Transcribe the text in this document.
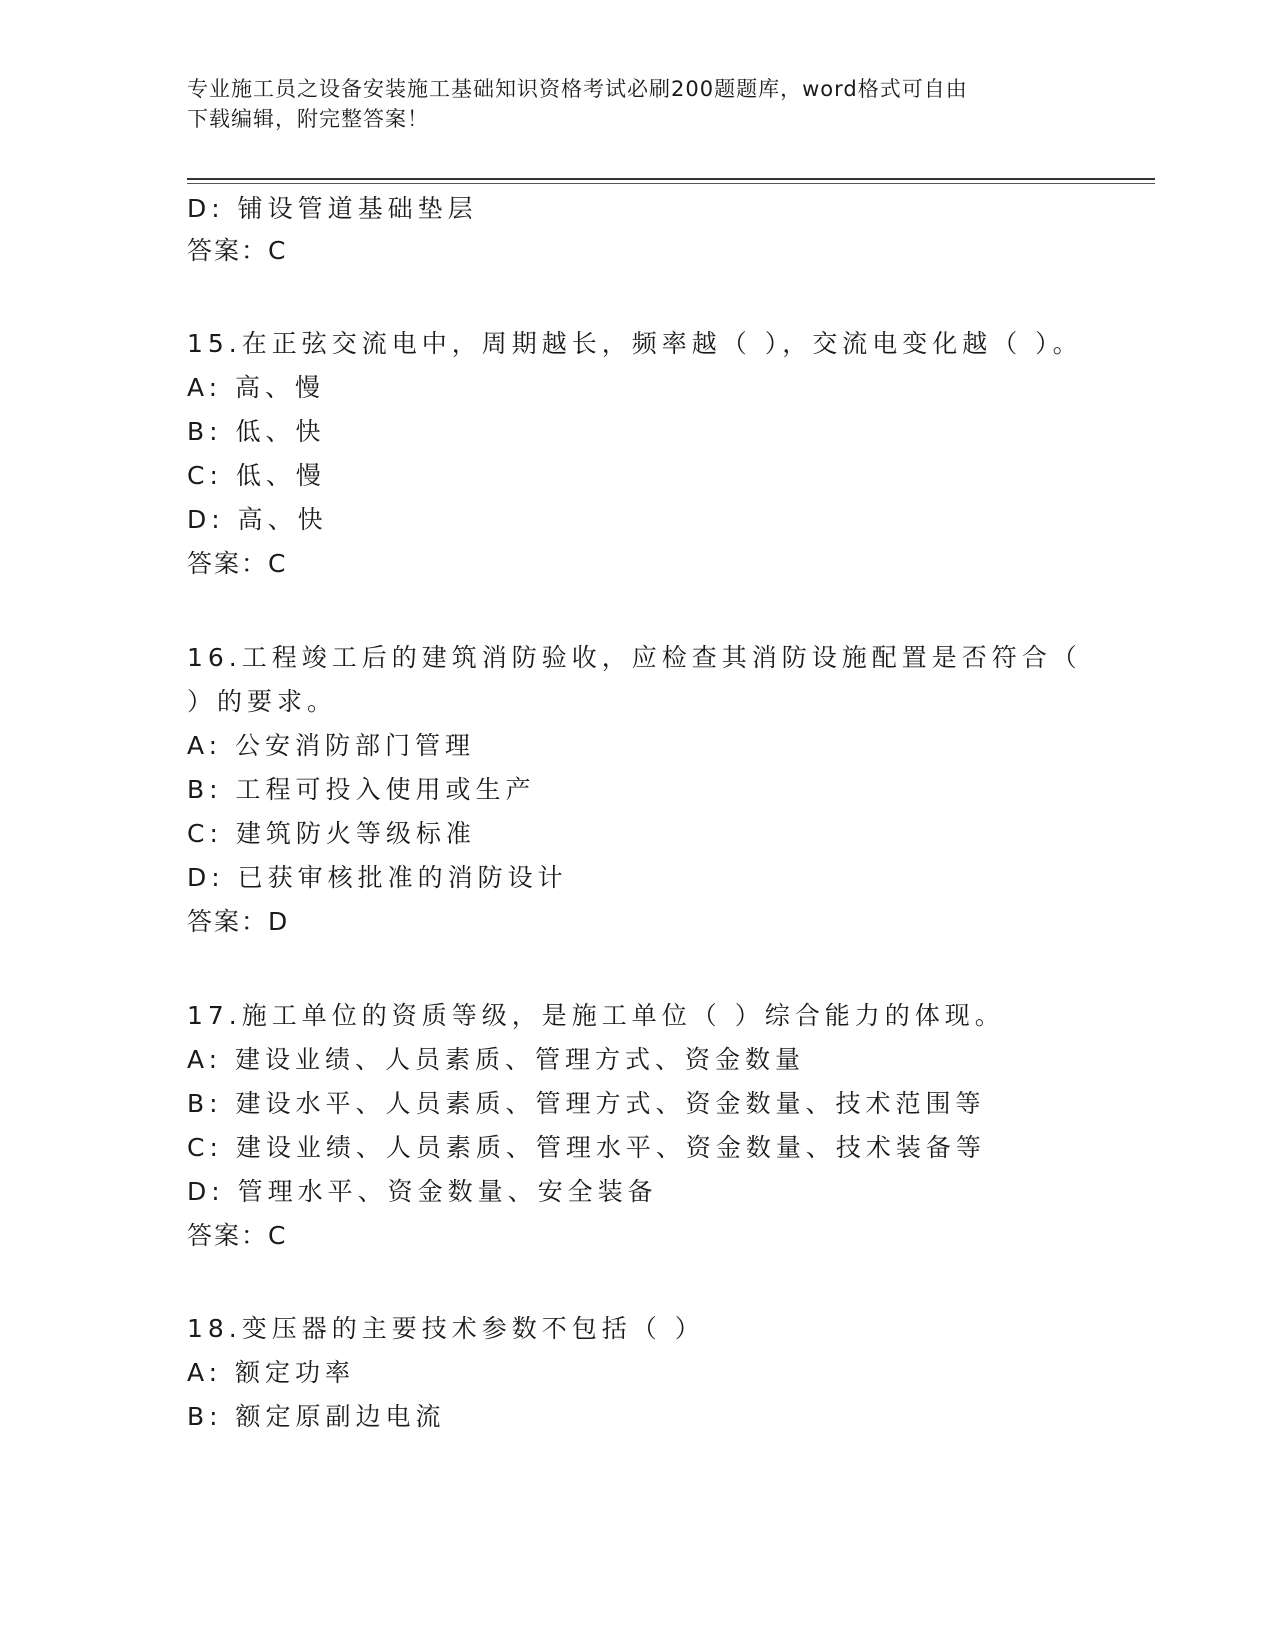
专业施工员之设备安装施工基础知识资格考试必刷200题题库，word格式可自由
下载编辑，附完整答案！
D: 铺设管道基础垫层
答案：C
15.在正弦交流电中，周期越长，频率越（ ），交流电变化越（ ）。
A: 高、慢
B: 低、快
C: 低、慢
D: 高、快
答案：C
16.工程竣工后的建筑消防验收，应检查其消防设施配置是否符合（
）的要求。
A: 公安消防部门管理
B: 工程可投入使用或生产
C: 建筑防火等级标准
D: 已获审核批准的消防设计
答案：D
17.施工单位的资质等级，是施工单位（ ）综合能力的体现。
A: 建设业绩、人员素质、管理方式、资金数量
B: 建设水平、人员素质、管理方式、资金数量、技术范围等
C: 建设业绩、人员素质、管理水平、资金数量、技术装备等
D: 管理水平、资金数量、安全装备
答案：C
18.变压器的主要技术参数不包括（ ）
A: 额定功率
B: 额定原副边电流
